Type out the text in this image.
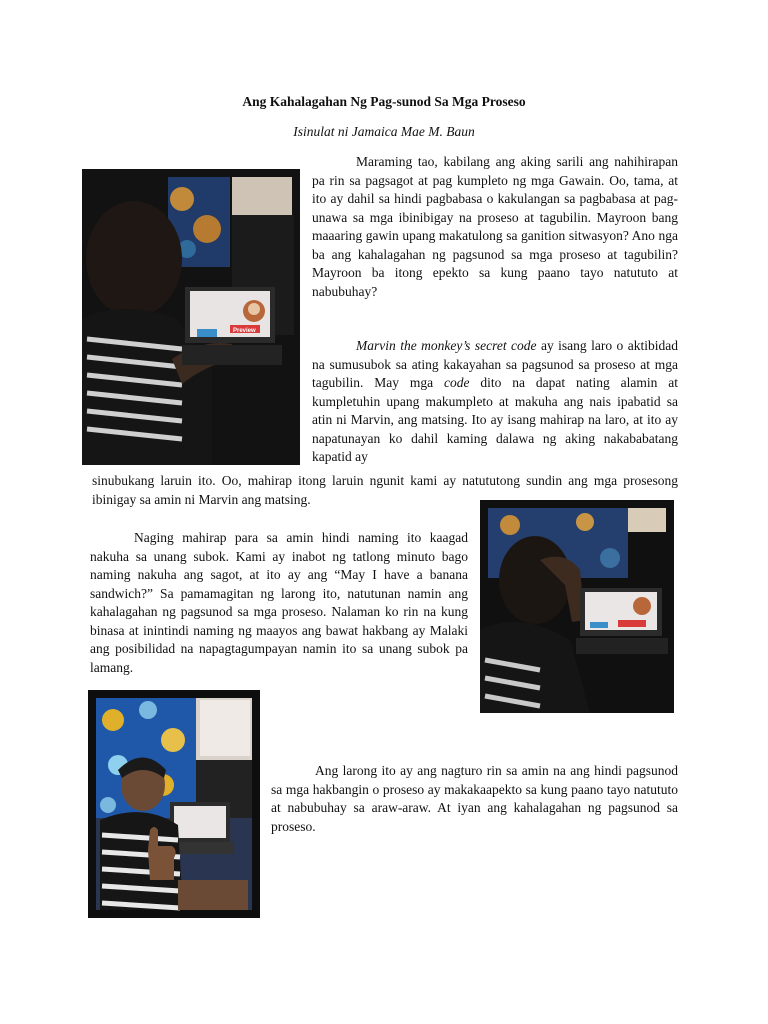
Ang Kahalagahan Ng Pag-sunod Sa Mga Proseso
Isinulat ni Jamaica Mae M. Baun

Maraming tao, kabilang ang aking sarili ang nahihirapan pa rin sa pagsagot at pag kumpleto ng mga Gawain. Oo, tama, at ito ay dahil sa hindi pagbabasa o kakulangan sa pagbabasa at pag-unawa sa mga ibinibigay na proseso at tagubilin. Mayroon bang maaaring gawin upang makatulong sa ganition sitwasyon? Ano nga ba ang kahalagahan ng pagsunod sa mga proseso at tagubilin? Mayroon ba itong epekto sa kung paano tayo natututo at nabubuhay?

Marvin the monkey’s secret code ay isang laro o aktibidad na sumusubok sa ating kakayahan sa pagsunod sa proseso at mga tagubilin. May mga code dito na dapat nating alamin at kumpletuhin upang makumpleto at makuha ang nais ipabatid sa atin ni Marvin, ang matsing. Ito ay isang mahirap na laro, at ito ay napatunayan ko dahil kaming dalawa ng aking nakababatang kapatid ay

sinubukang laruin ito. Oo, mahirap itong laruin ngunit kami ay natututong sundin ang mga prosesong ibinigay sa amin ni Marvin ang matsing.

Naging mahirap para sa amin hindi naming ito kaagad nakuha sa unang subok. Kami ay inabot ng tatlong minuto bago naming nakuha ang sagot, at ito ay ang “May I have a banana sandwich?” Sa pamamagitan ng larong ito, natutunan namin ang kahalagahan ng pagsunod sa mga proseso. Nalaman ko rin na kung binasa at inintindi naming ng maayos ang bawat hakbang ay Malaki ang posibilidad na napagtagumpayan namin ito sa unang subok pa lamang.

Ang larong ito ay ang nagturo rin sa amin na ang hindi pagsunod sa mga hakbangin o proseso ay makakaapekto sa kung paano tayo natututo at nabubuhay sa araw-araw. At iyan ang kahalagahan ng pagsunod sa proseso.

Preview
